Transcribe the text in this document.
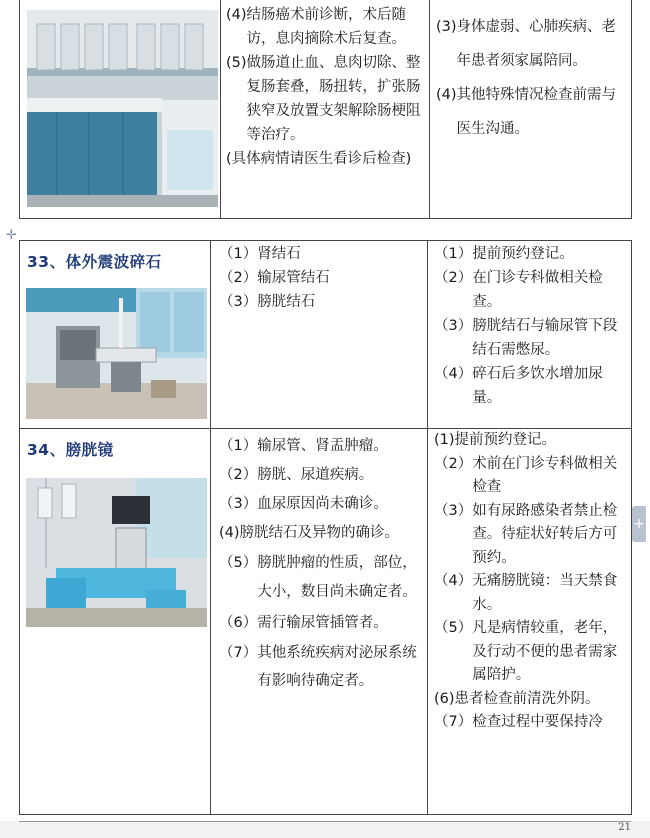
(4) 结肠癌术前诊断，术后随访，息肉摘除术后复查。
(5) 做肠道止血、息肉切除、整复肠套叠，肠扭转，扩张肠狭窄及放置支架解除肠梗阻等治疗。
(具体病情请医生看诊后检查)
(3) 身体虚弱、心肺疾病、老年患者须家属陪同。
(4) 其他特殊情况检查前需与医生沟通。
✛
33、体外震波碎石	（1） 肾结石
（2） 输尿管结石
（3） 膀胱结石
（1） 提前预约登记。
（2） 在门诊专科做相关检查。
（3） 膀胱结石与输尿管下段结石需憋尿。
（4） 碎石后多饮水增加尿量。
34、膀胱镜	（1） 输尿管、肾盂肿瘤。
（2） 膀胱、尿道疾病。
（3） 血尿原因尚未确诊。
(4) 膀胱结石及异物的确诊。
（5） 膀胱肿瘤的性质，部位，大小，数目尚未确定者。
（6） 需行输尿管插管者。
（7） 其他系统疾病对泌尿系统有影响待确定者。
(1) 提前预约登记。
（2） 术前在门诊专科做相关检查
（3） 如有尿路感染者禁止检查。待症状好转后方可预约。
（4） 无痛膀胱镜：当天禁食水。
（5） 凡是病情较重，老年，及行动不便的患者需家属陪护。
(6) 患者检查前清洗外阴。
（7） 检查过程中要保持冷
+
21
